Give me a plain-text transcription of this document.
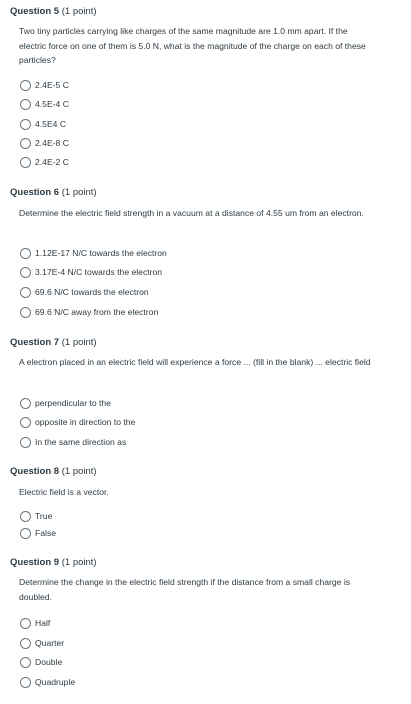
Question 5 (1 point)
Two tiny particles carrying like charges of the same magnitude are 1.0 mm apart. If the electric force on one of them is 5.0 N, what is the magnitude of the charge on each of these particles?
2.4E-5 C
4.5E-4 C
4.5E4 C
2.4E-8 C
2.4E-2 C
Question 6 (1 point)
Determine the electric field strength in a vacuum at a distance of 4.55 um from an electron.
1.12E-17 N/C towards the electron
3.17E-4 N/C towards the electron
69.6 N/C towards the electron
69.6 N/C away from the electron
Question 7 (1 point)
A electron placed in an electric field will experience a force ... (fill in the blank) ... electric field
perpendicular to the
opposite in direction to the
In the same direction as
Question 8 (1 point)
Electric field is a vector.
True
False
Question 9 (1 point)
Determine the change in the electric field strength if the distance from a small charge is doubled.
Half
Quarter
Double
Quadruple
